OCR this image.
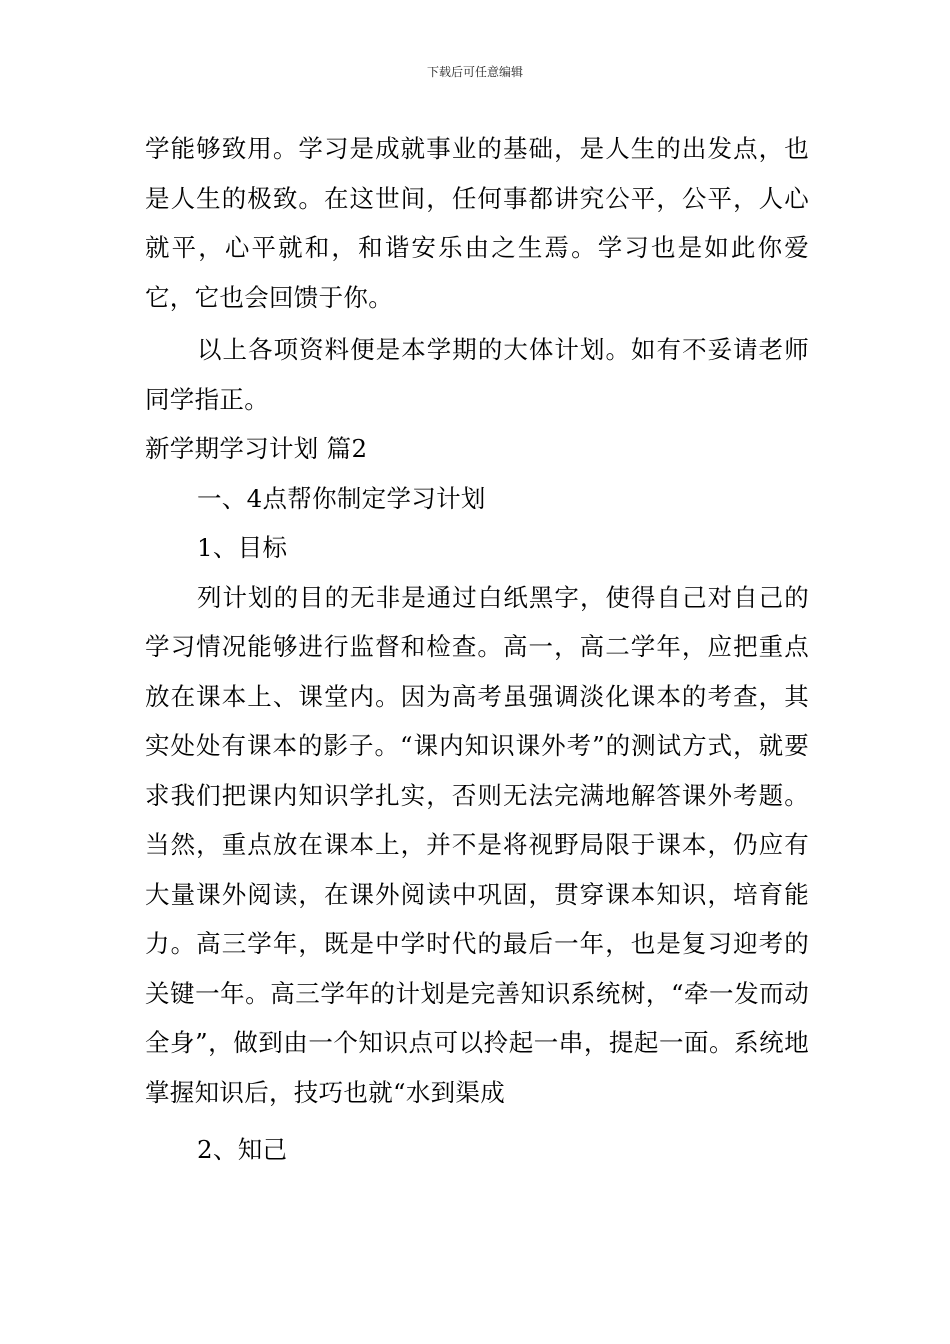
下载后可任意编辑

学能够致用。学习是成就事业的基础，是人生的出发点，也是人生的极致。在这世间，任何事都讲究公平，公平，人心就平，心平就和，和谐安乐由之生焉。学习也是如此你爱它，它也会回馈于你。

以上各项资料便是本学期的大体计划。如有不妥请老师同学指正。

新学期学习计划 篇2

一、4点帮你制定学习计划

1、目标

列计划的目的无非是通过白纸黑字，使得自己对自己的学习情况能够进行监督和检查。高一，高二学年，应把重点放在课本上、课堂内。因为高考虽强调淡化课本的考查，其实处处有课本的影子。“课内知识课外考”的测试方式，就要求我们把课内知识学扎实，否则无法完满地解答课外考题。当然，重点放在课本上，并不是将视野局限于课本，仍应有大量课外阅读，在课外阅读中巩固，贯穿课本知识，培育能力。高三学年，既是中学时代的最后一年，也是复习迎考的关键一年。高三学年的计划是完善知识系统树，“牵一发而动全身”，做到由一个知识点可以拎起一串，提起一面。系统地掌握知识后，技巧也就“水到渠成

2、知己
